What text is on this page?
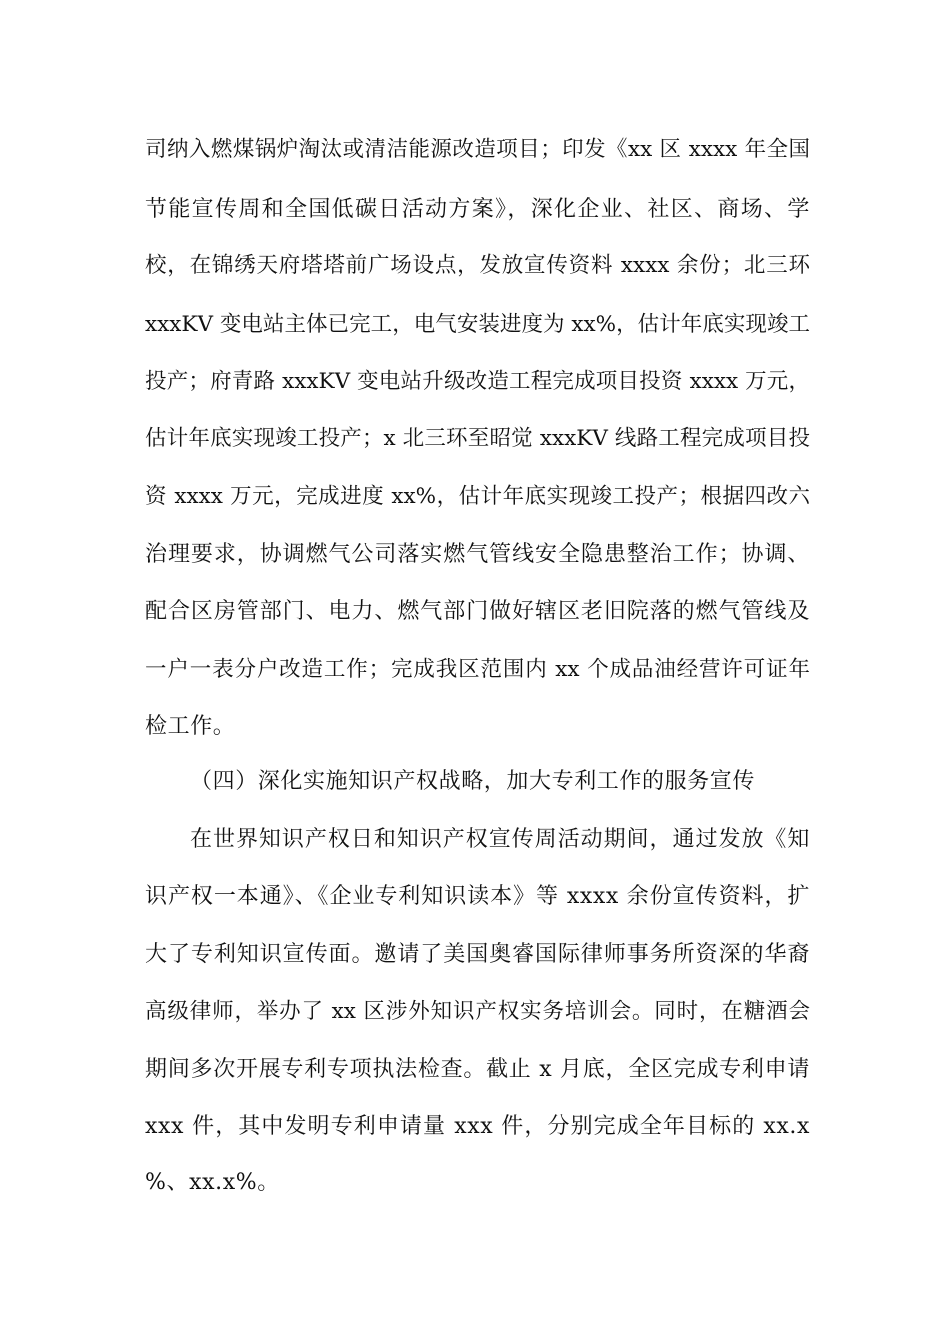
司纳入燃煤锅炉淘汰或清洁能源改造项目；印发《xx 区 xxxx 年全国
节能宣传周和全国低碳日活动方案》，深化企业、社区、商场、学
校，在锦绣天府塔塔前广场设点，发放宣传资料 xxxx 余份；北三环
xxxKV 变电站主体已完工，电气安装进度为 xx%，估计年底实现竣工
投产；府青路 xxxKV 变电站升级改造工程完成项目投资 xxxx 万元，
估计年底实现竣工投产；x 北三环至昭觉 xxxKV 线路工程完成项目投
资 xxxx 万元，完成进度 xx%，估计年底实现竣工投产；根据四改六
治理要求，协调燃气公司落实燃气管线安全隐患整治工作；协调、
配合区房管部门、电力、燃气部门做好辖区老旧院落的燃气管线及
一户一表分户改造工作；完成我区范围内 xx 个成品油经营许可证年
检工作。
（四）深化实施知识产权战略，加大专利工作的服务宣传
在世界知识产权日和知识产权宣传周活动期间，通过发放《知
识产权一本通》、《企业专利知识读本》等 xxxx 余份宣传资料，扩
大了专利知识宣传面。邀请了美国奥睿国际律师事务所资深的华裔
高级律师，举办了 xx 区涉外知识产权实务培训会。同时，在糖酒会
期间多次开展专利专项执法检查。截止 x 月底，全区完成专利申请
xxx 件，其中发明专利申请量 xxx 件，分别完成全年目标的 xx.x
%、xx.x%。
